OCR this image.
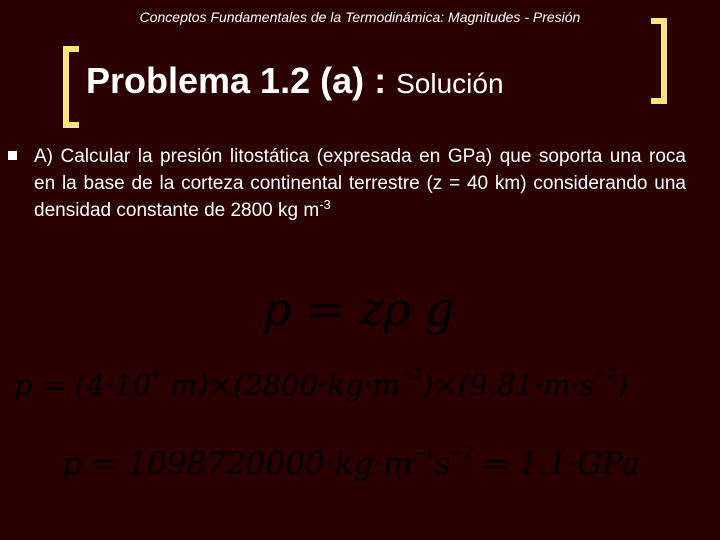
Conceptos Fundamentales de la Termodinámica: Magnitudes - Presión
Problema 1.2 (a) : Solución
A) Calcular la presión litostática (expresada en GPa) que soporta una roca en la base de la corteza continental terrestre (z = 40 km) considerando una densidad constante de 2800 kg $m^{-3}$
p = zρ g
$p = (4\cdot 10^4$ $m)\times(2800\cdot kg\cdot m^{-3})\times(9.81\cdot m\cdot s^{-2})$
$p = 1098720000\cdot kg\cdot m^{-1}s^{-2} = 1.1\cdot GPa$
